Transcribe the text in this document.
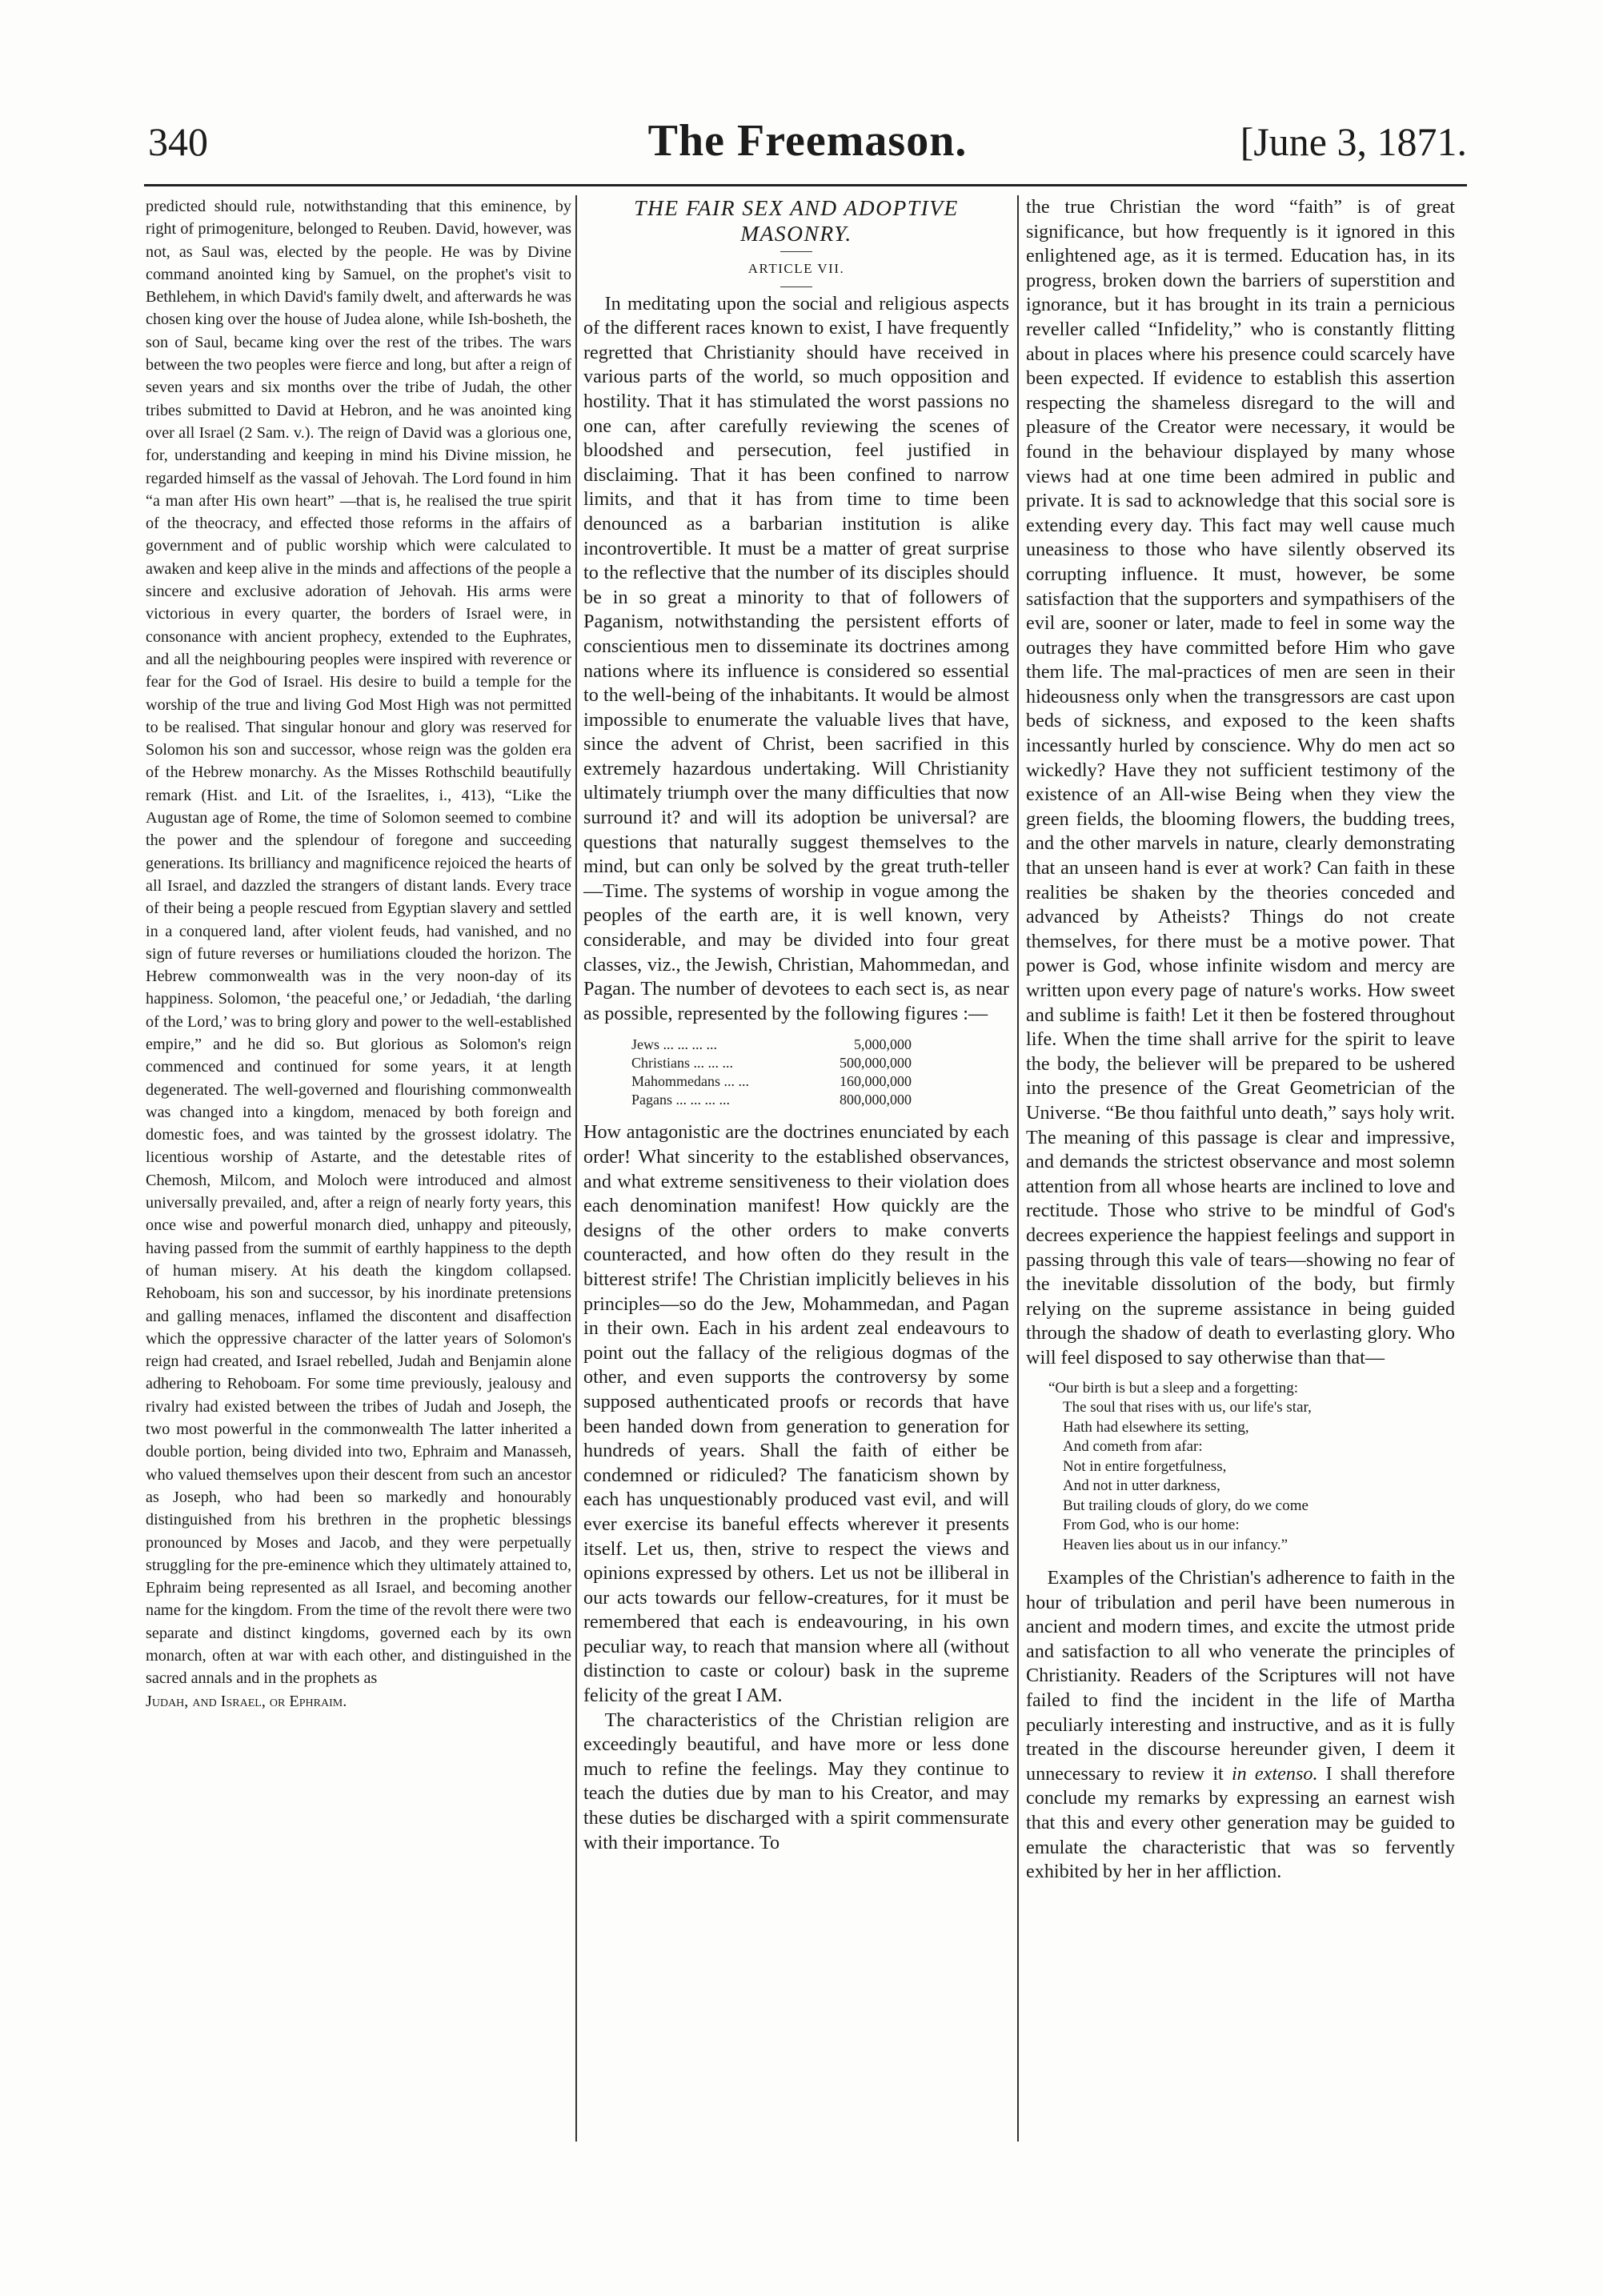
340	The Freemason.	[June 3, 1871.

predicted should rule, notwithstanding that this eminence, by right of primogeniture, belonged to Reuben. David, however, was not, as Saul was, elected by the people. He was by Divine command anointed king by Samuel, on the prophet's visit to Bethlehem, in which David's family dwelt, and afterwards he was chosen king over the house of Judea alone, while Ish-bosheth, the son of Saul, became king over the rest of the tribes. The wars between the two peoples were fierce and long, but after a reign of seven years and six months over the tribe of Judah, the other tribes submitted to David at Hebron, and he was anointed king over all Israel (2 Sam. v.). The reign of David was a glorious one, for, understanding and keeping in mind his Divine mission, he regarded himself as the vassal of Jehovah. The Lord found in him “a man after His own heart” —that is, he realised the true spirit of the theocracy, and effected those reforms in the affairs of government and of public worship which were calculated to awaken and keep alive in the minds and affections of the people a sincere and exclusive adoration of Jehovah. His arms were victorious in every quarter, the borders of Israel were, in consonance with ancient prophecy, extended to the Euphrates, and all the neighbouring peoples were inspired with reverence or fear for the God of Israel. His desire to build a temple for the worship of the true and living God Most High was not permitted to be realised. That singular honour and glory was reserved for Solomon his son and successor, whose reign was the golden era of the Hebrew monarchy. As the Misses Rothschild beautifully remark (Hist. and Lit. of the Israelites, i., 413), “Like the Augustan age of Rome, the time of Solomon seemed to combine the power and the splendour of foregone and succeeding generations. Its brilliancy and magnificence rejoiced the hearts of all Israel, and dazzled the strangers of distant lands. Every trace of their being a people rescued from Egyptian slavery and settled in a conquered land, after violent feuds, had vanished, and no sign of future reverses or humiliations clouded the horizon. The Hebrew commonwealth was in the very noon-day of its happiness. Solomon, ‘the peaceful one,’ or Jedadiah, ‘the darling of the Lord,’ was to bring glory and power to the well-established empire,” and he did so. But glorious as Solomon's reign commenced and continued for some years, it at length degenerated. The well-governed and flourishing commonwealth was changed into a kingdom, menaced by both foreign and domestic foes, and was tainted by the grossest idolatry. The licentious worship of Astarte, and the detestable rites of Chemosh, Milcom, and Moloch were introduced and almost universally prevailed, and, after a reign of nearly forty years, this once wise and powerful monarch died, unhappy and piteously, having passed from the summit of earthly happiness to the depth of human misery. At his death the kingdom collapsed. Rehoboam, his son and successor, by his inordinate pretensions and galling menaces, inflamed the discontent and disaffection which the oppressive character of the latter years of Solomon's reign had created, and Israel rebelled, Judah and Benjamin alone adhering to Rehoboam. For some time previously, jealousy and rivalry had existed between the tribes of Judah and Joseph, the two most powerful in the commonwealth The latter inherited a double portion, being divided into two, Ephraim and Manasseh, who valued themselves upon their descent from such an ancestor as Joseph, who had been so markedly and honourably distinguished from his brethren in the prophetic blessings pronounced by Moses and Jacob, and they were perpetually struggling for the pre-eminence which they ultimately attained to, Ephraim being represented as all Israel, and becoming another name for the kingdom. From the time of the revolt there were two separate and distinct kingdoms, governed each by its own monarch, often at war with each other, and distinguished in the sacred annals and in the prophets as

Judah, and Israel, or Ephraim.

THE FAIR SEX AND ADOPTIVE MASONRY.
ARTICLE VII.

In meditating upon the social and religious aspects of the different races known to exist, I have frequently regretted that Christianity should have received in various parts of the world, so much opposition and hostility. That it has stimulated the worst passions no one can, after carefully reviewing the scenes of bloodshed and persecution, feel justified in disclaiming. That it has been confined to narrow limits, and that it has from time to time been denounced as a barbarian institution is alike incontrovertible. It must be a matter of great surprise to the reflective that the number of its disciples should be in so great a minority to that of followers of Paganism, notwithstanding the persistent efforts of conscientious men to disseminate its doctrines among nations where its influence is considered so essential to the well-being of the inhabitants. It would be almost impossible to enumerate the valuable lives that have, since the advent of Christ, been sacrified in this extremely hazardous undertaking. Will Christianity ultimately triumph over the many difficulties that now surround it? and will its adoption be universal? are questions that naturally suggest themselves to the mind, but can only be solved by the great truth-teller—Time. The systems of worship in vogue among the peoples of the earth are, it is well known, very considerable, and may be divided into four great classes, viz., the Jewish, Christian, Mahommedan, and Pagan. The number of devotees to each sect is, as near as possible, represented by the following figures :—

Jews ... ... ... ...	5,000,000
Christians ... ... ...	500,000,000
Mahommedans ... ...	160,000,000
Pagans ... ... ... ...	800,000,000

How antagonistic are the doctrines enunciated by each order! What sincerity to the established observances, and what extreme sensitiveness to their violation does each denomination manifest! How quickly are the designs of the other orders to make converts counteracted, and how often do they result in the bitterest strife! The Christian implicitly believes in his principles—so do the Jew, Mohammedan, and Pagan in their own. Each in his ardent zeal endeavours to point out the fallacy of the religious dogmas of the other, and even supports the controversy by some supposed authenticated proofs or records that have been handed down from generation to generation for hundreds of years. Shall the faith of either be condemned or ridiculed? The fanaticism shown by each has unquestionably produced vast evil, and will ever exercise its baneful effects wherever it presents itself. Let us, then, strive to respect the views and opinions expressed by others. Let us not be illiberal in our acts towards our fellow-creatures, for it must be remembered that each is endeavouring, in his own peculiar way, to reach that mansion where all (without distinction to caste or colour) bask in the supreme felicity of the great I AM.

The characteristics of the Christian religion are exceedingly beautiful, and have more or less done much to refine the feelings. May they continue to teach the duties due by man to his Creator, and may these duties be discharged with a spirit commensurate with their importance. To

the true Christian the word “faith” is of great significance, but how frequently is it ignored in this enlightened age, as it is termed. Education has, in its progress, broken down the barriers of superstition and ignorance, but it has brought in its train a pernicious reveller called “Infidelity,” who is constantly flitting about in places where his presence could scarcely have been expected. If evidence to establish this assertion respecting the shameless disregard to the will and pleasure of the Creator were necessary, it would be found in the behaviour displayed by many whose views had at one time been admired in public and private. It is sad to acknowledge that this social sore is extending every day. This fact may well cause much uneasiness to those who have silently observed its corrupting influence. It must, however, be some satisfaction that the supporters and sympathisers of the evil are, sooner or later, made to feel in some way the outrages they have committed before Him who gave them life. The mal-practices of men are seen in their hideousness only when the transgressors are cast upon beds of sickness, and exposed to the keen shafts incessantly hurled by conscience. Why do men act so wickedly? Have they not sufficient testimony of the existence of an All-wise Being when they view the green fields, the blooming flowers, the budding trees, and the other marvels in nature, clearly demonstrating that an unseen hand is ever at work? Can faith in these realities be shaken by the theories conceded and advanced by Atheists? Things do not create themselves, for there must be a motive power. That power is God, whose infinite wisdom and mercy are written upon every page of nature's works. How sweet and sublime is faith! Let it then be fostered throughout life. When the time shall arrive for the spirit to leave the body, the believer will be prepared to be ushered into the presence of the Great Geometrician of the Universe. “Be thou faithful unto death,” says holy writ. The meaning of this passage is clear and impressive, and demands the strictest observance and most solemn attention from all whose hearts are inclined to love and rectitude. Those who strive to be mindful of God's decrees experience the happiest feelings and support in passing through this vale of tears—showing no fear of the inevitable dissolution of the body, but firmly relying on the supreme assistance in being guided through the shadow of death to everlasting glory. Who will feel disposed to say otherwise than that—

“Our birth is but a sleep and a forgetting:
The soul that rises with us, our life's star,
Hath had elsewhere its setting,
And cometh from afar:
Not in entire forgetfulness,
And not in utter darkness,
But trailing clouds of glory, do we come
From God, who is our home:
Heaven lies about us in our infancy.”

Examples of the Christian's adherence to faith in the hour of tribulation and peril have been numerous in ancient and modern times, and excite the utmost pride and satisfaction to all who venerate the principles of Christianity. Readers of the Scriptures will not have failed to find the incident in the life of Martha peculiarly interesting and instructive, and as it is fully treated in the discourse hereunder given, I deem it unnecessary to review it in extenso. I shall therefore conclude my remarks by expressing an earnest wish that this and every other generation may be guided to emulate the characteristic that was so fervently exhibited by her in her affliction.
